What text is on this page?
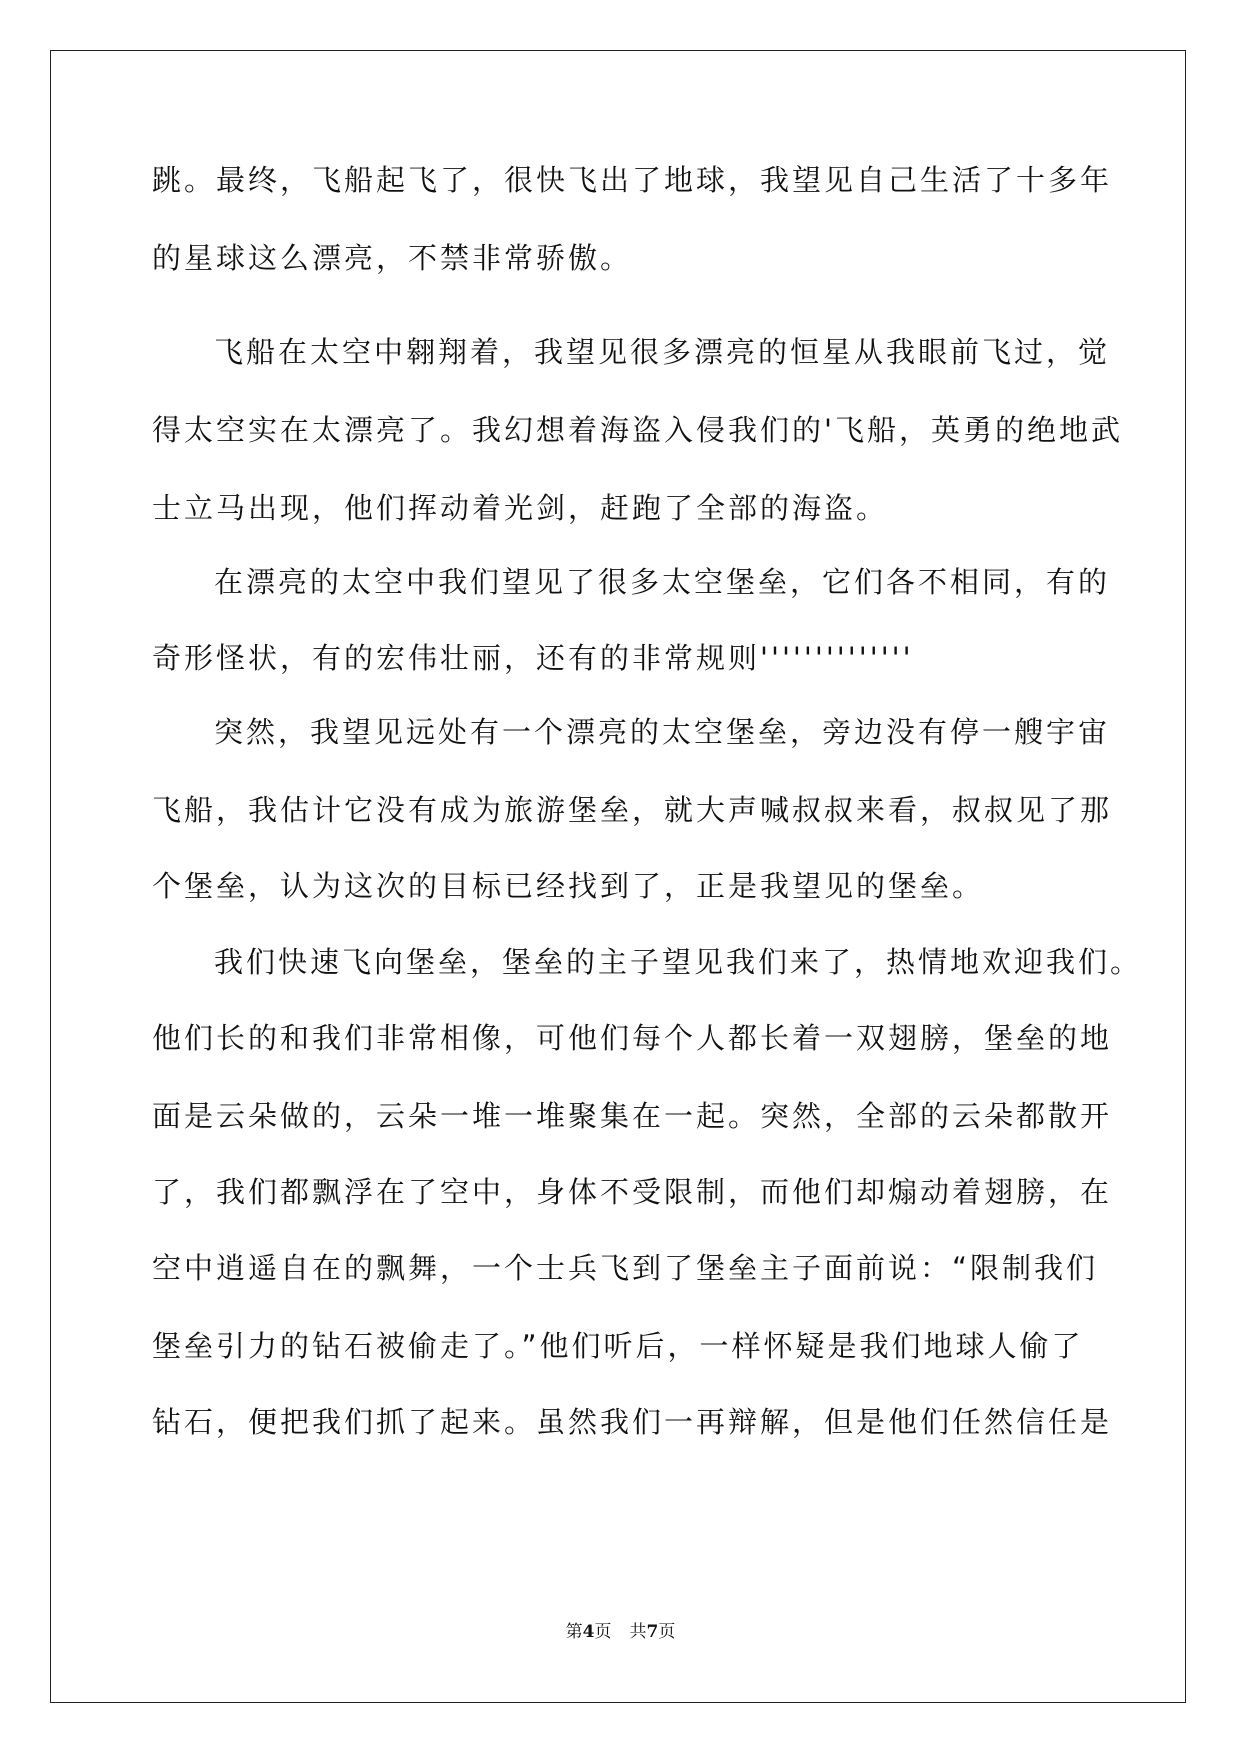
跳。最终，飞船起飞了，很快飞出了地球，我望见自己生活了十多年
的星球这么漂亮，不禁非常骄傲。
飞船在太空中翱翔着，我望见很多漂亮的恒星从我眼前飞过，觉
得太空实在太漂亮了。我幻想着海盗入侵我们的'飞船，英勇的绝地武
士立马出现，他们挥动着光剑，赶跑了全部的海盗。
在漂亮的太空中我们望见了很多太空堡垒，它们各不相同，有的
奇形怪状，有的宏伟壮丽，还有的非常规则''''''''''''''
突然，我望见远处有一个漂亮的太空堡垒，旁边没有停一艘宇宙
飞船，我估计它没有成为旅游堡垒，就大声喊叔叔来看，叔叔见了那
个堡垒，认为这次的目标已经找到了，正是我望见的堡垒。
我们快速飞向堡垒，堡垒的主子望见我们来了，热情地欢迎我们。
他们长的和我们非常相像，可他们每个人都长着一双翅膀，堡垒的地
面是云朵做的，云朵一堆一堆聚集在一起。突然，全部的云朵都散开
了，我们都飘浮在了空中，身体不受限制，而他们却煽动着翅膀，在
空中逍遥自在的飘舞，一个士兵飞到了堡垒主子面前说：“限制我们
堡垒引力的钻石被偷走了。”他们听后，一样怀疑是我们地球人偷了
钻石，便把我们抓了起来。虽然我们一再辩解，但是他们任然信任是
第4页 共7页
